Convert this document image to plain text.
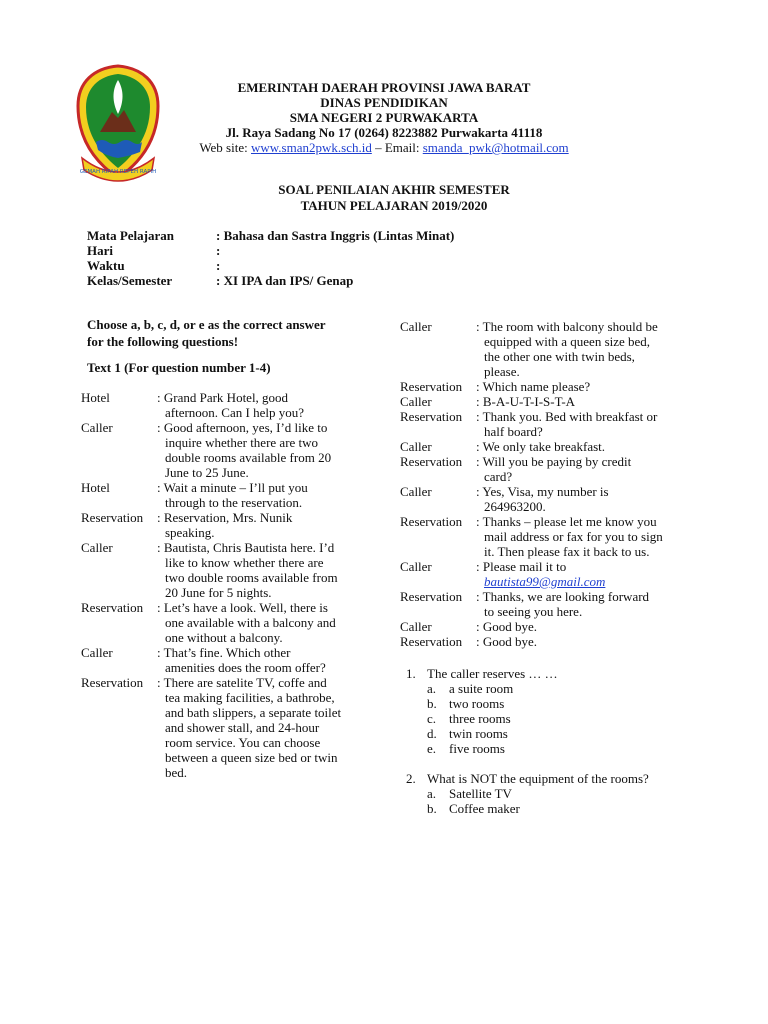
GEMAH RIPAH REPEH RAPIH
EMERINTAH DAERAH PROVINSI JAWA BARAT
DINAS PENDIDIKAN
SMA NEGERI 2 PURWAKARTA
Jl. Raya Sadang No 17 (0264) 8223882 Purwakarta 41118
Web site: www.sman2pwk.sch.id – Email: smanda_pwk@hotmail.com
SOAL PENILAIAN AKHIR SEMESTER
TAHUN PELAJARAN 2019/2020
Mata Pelajaran	: Bahasa dan Sastra Inggris (Lintas Minat)
Hari	:
Waktu	:
Kelas/Semester	: XI IPA dan IPS/ Genap
Choose a, b, c, d, or e as the correct answer
for the following questions!
Text 1 (For question number 1-4)
Hotel	: Grand Park Hotel, good
afternoon. Can I help you?
Caller	: Good afternoon, yes, I’d like to
inquire whether there are two
double rooms available from 20
June to 25 June.
Hotel	: Wait a minute – I’ll put you
through to the reservation.
Reservation	: Reservation, Mrs. Nunik
speaking.
Caller	: Bautista, Chris Bautista here. I’d
like to know whether there are
two double rooms available from
20 June for 5 nights.
Reservation	: Let’s have a look. Well, there is
one available with a balcony and
one without a balcony.
Caller	: That’s fine. Which other
amenities does the room offer?
Reservation	: There are satelite TV, coffe and
tea making facilities, a bathrobe,
and bath slippers, a separate toilet
and shower stall, and 24-hour
room service. You can choose
between a queen size bed or twin
bed.
Caller	: The room with balcony should be
equipped with a queen size bed,
the other one with twin beds,
please.
Reservation	: Which name please?
Caller	: B-A-U-T-I-S-T-A
Reservation	: Thank you. Bed with breakfast or
half board?
Caller	: We only take breakfast.
Reservation	: Will you be paying by credit
card?
Caller	: Yes, Visa, my number is
264963200.
Reservation	: Thanks – please let me know you
mail address or fax for you to sign
it. Then please fax it back to us.
Caller	: Please mail it to
bautista99@gmail.com
Reservation	: Thanks, we are looking forward
to seeing you here.
Caller	: Good bye.
Reservation	: Good bye.
1. The caller reserves … …
a. a suite room
b. two rooms
c. three rooms
d. twin rooms
e. five rooms
2. What is NOT the equipment of the rooms?
a. Satellite TV
b. Coffee maker
